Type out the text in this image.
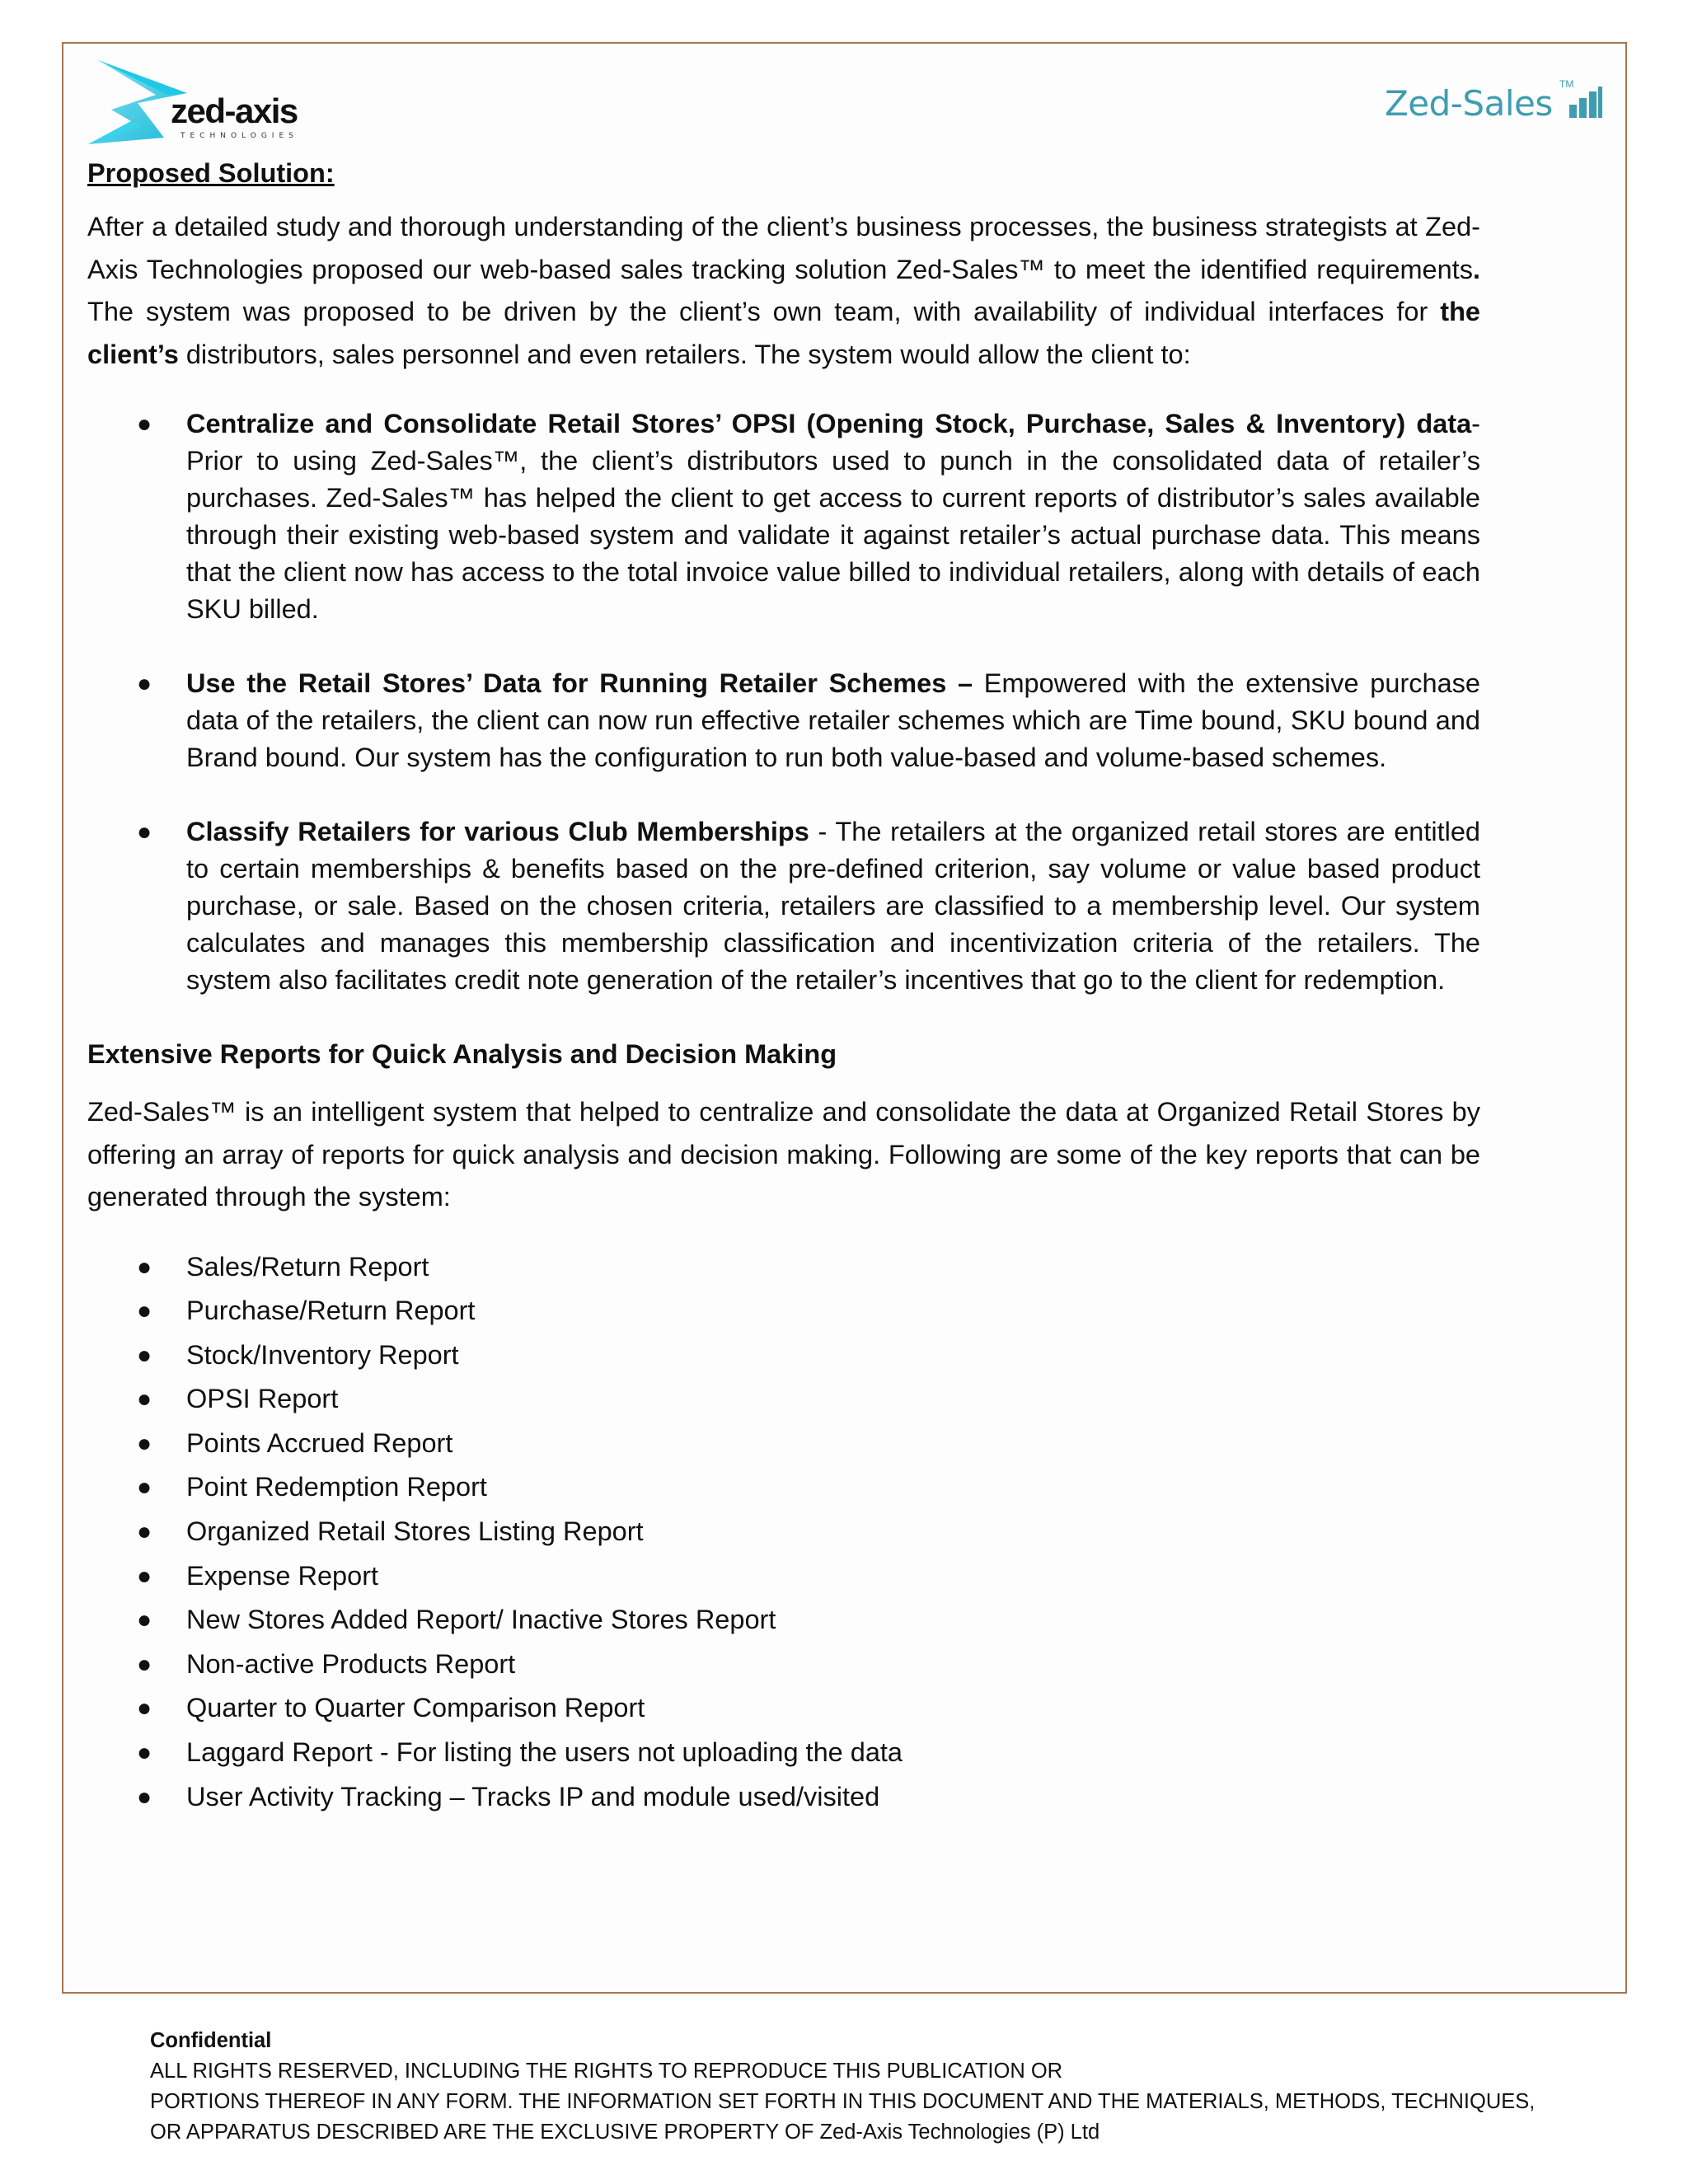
zed-axis
TECHNOLOGIES
Zed-Sales TM
Proposed Solution:

After a detailed study and thorough understanding of the client’s business processes, the business strategists at Zed-Axis Technologies proposed our web-based sales tracking solution Zed-Sales™ to meet the identified requirements. The system was proposed to be driven by the client’s own team, with availability of individual interfaces for the client’s distributors, sales personnel and even retailers. The system would allow the client to:

● Centralize and Consolidate Retail Stores’ OPSI (Opening Stock, Purchase, Sales & Inventory) data- Prior to using Zed-Sales™, the client’s distributors used to punch in the consolidated data of retailer’s purchases. Zed-Sales™ has helped the client to get access to current reports of distributor’s sales available through their existing web-based system and validate it against retailer’s actual purchase data. This means that the client now has access to the total invoice value billed to individual retailers, along with details of each SKU billed.
● Use the Retail Stores’ Data for Running Retailer Schemes – Empowered with the extensive purchase data of the retailers, the client can now run effective retailer schemes which are Time bound, SKU bound and Brand bound. Our system has the configuration to run both value-based and volume-based schemes.
● Classify Retailers for various Club Memberships - The retailers at the organized retail stores are entitled to certain memberships & benefits based on the pre-defined criterion, say volume or value based product purchase, or sale. Based on the chosen criteria, retailers are classified to a membership level. Our system calculates and manages this membership classification and incentivization criteria of the retailers. The system also facilitates credit note generation of the retailer’s incentives that go to the client for redemption.
Extensive Reports for Quick Analysis and Decision Making

Zed-Sales™ is an intelligent system that helped to centralize and consolidate the data at Organized Retail Stores by offering an array of reports for quick analysis and decision making. Following are some of the key reports that can be generated through the system:

● Sales/Return Report
● Purchase/Return Report
● Stock/Inventory Report
● OPSI Report
● Points Accrued Report
● Point Redemption Report
● Organized Retail Stores Listing Report
● Expense Report
● New Stores Added Report/ Inactive Stores Report
● Non-active Products Report
● Quarter to Quarter Comparison Report
● Laggard Report - For listing the users not uploading the data
● User Activity Tracking – Tracks IP and module used/visited
Confidential
ALL RIGHTS RESERVED, INCLUDING THE RIGHTS TO REPRODUCE THIS PUBLICATION OR
PORTIONS THEREOF IN ANY FORM. THE INFORMATION SET FORTH IN THIS DOCUMENT AND THE MATERIALS, METHODS, TECHNIQUES,
OR APPARATUS DESCRIBED ARE THE EXCLUSIVE PROPERTY OF Zed-Axis Technologies (P) Ltd
